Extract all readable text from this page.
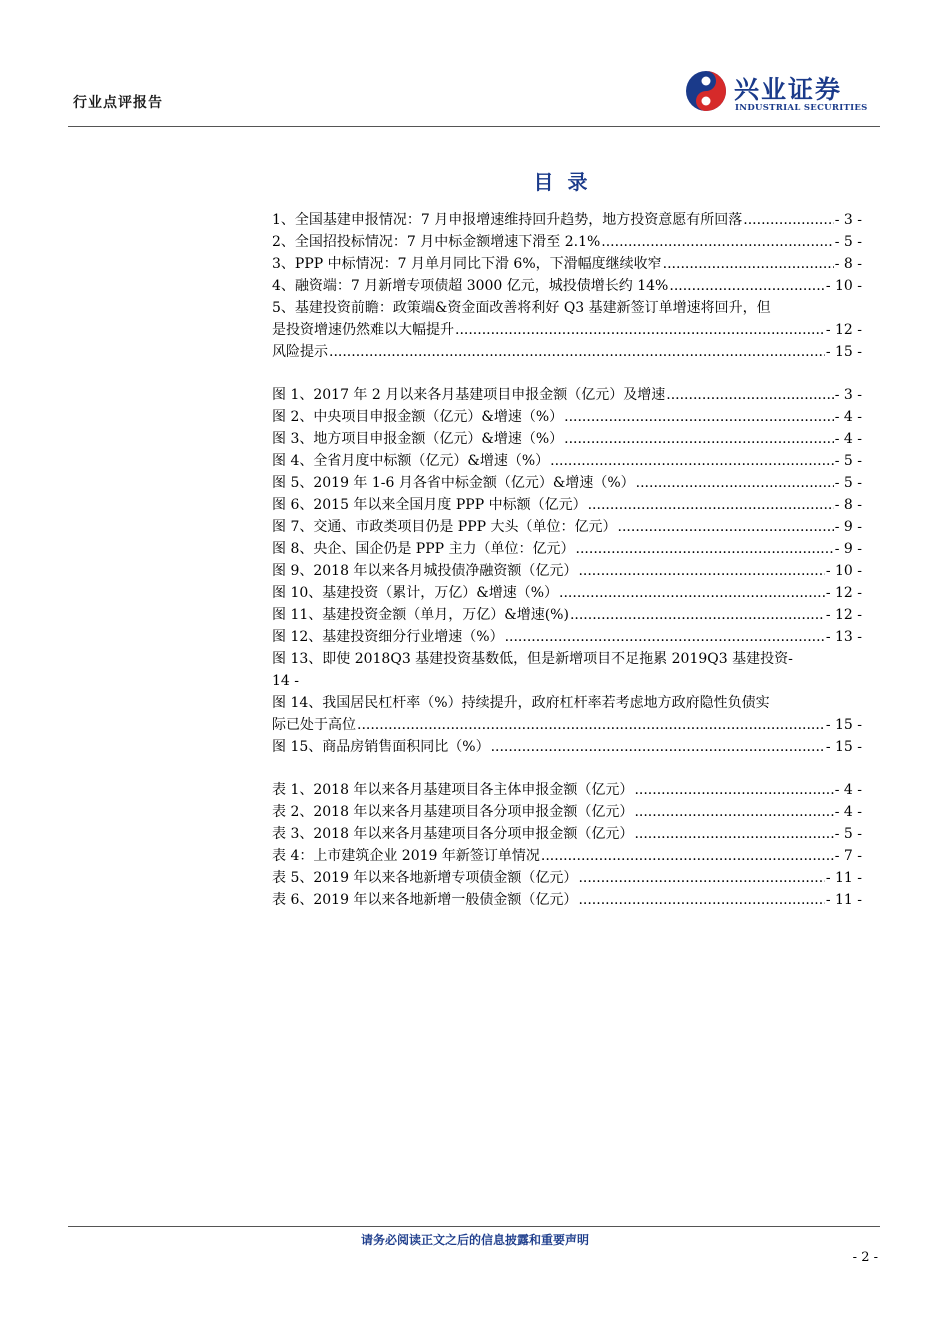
行业点评报告	兴业证券
INDUSTRIAL SECURITIES
目录
1、全国基建申报情况：7 月申报增速维持回升趋势，地方投资意愿有所回落 .....	- 3 -
2、全国招投标情况：7 月中标金额增速下滑至 2.1% .....	- 5 -
3、PPP 中标情况：7 月单月同比下滑 6%，下滑幅度继续收窄 .....	- 8 -
4、融资端：7 月新增专项债超 3000 亿元，城投债增长约 14% .....	- 10 -
5、基建投资前瞻：政策端&资金面改善将利好 Q3 基建新签订单增速将回升，但
是投资增速仍然难以大幅提升 .....	- 12 -
风险提示 .....	- 15 -
图 1、2017 年 2 月以来各月基建项目申报金额（亿元）及增速 .....	- 3 -
图 2、中央项目申报金额（亿元）&增速（%） .....	- 4 -
图 3、地方项目申报金额（亿元）&增速（%） .....	- 4 -
图 4、全省月度中标额（亿元）&增速（%） .....	- 5 -
图 5、2019 年 1-6 月各省中标金额（亿元）&增速（%） .....	- 5 -
图 6、2015 年以来全国月度 PPP 中标额（亿元） .....	- 8 -
图 7、交通、市政类项目仍是 PPP 大头（单位：亿元） .....	- 9 -
图 8、央企、国企仍是 PPP 主力（单位：亿元） .....	- 9 -
图 9、2018 年以来各月城投债净融资额（亿元） .....	- 10 -
图 10、基建投资（累计，万亿）&增速（%） .....	- 12 -
图 11、基建投资金额（单月，万亿）&增速(%) .....	- 12 -
图 12、基建投资细分行业增速（%） .....	- 13 -
图 13、即使 2018Q3 基建投资基数低，但是新增项目不足拖累 2019Q3 基建投资-
14 -
图 14、我国居民杠杆率（%）持续提升，政府杠杆率若考虑地方政府隐性负债实
际已处于高位 .....	- 15 -
图 15、商品房销售面积同比（%） .....	- 15 -
表 1、2018 年以来各月基建项目各主体申报金额（亿元） .....	- 4 -
表 2、2018 年以来各月基建项目各分项申报金额（亿元） .....	- 4 -
表 3、2018 年以来各月基建项目各分项申报金额（亿元） .....	- 5 -
表 4：上市建筑企业 2019 年新签订单情况 .....	- 7 -
表 5、2019 年以来各地新增专项债金额（亿元） .....	- 11 -
表 6、2019 年以来各地新增一般债金额（亿元） .....	- 11 -
请务必阅读正文之后的信息披露和重要声明
- 2 -
